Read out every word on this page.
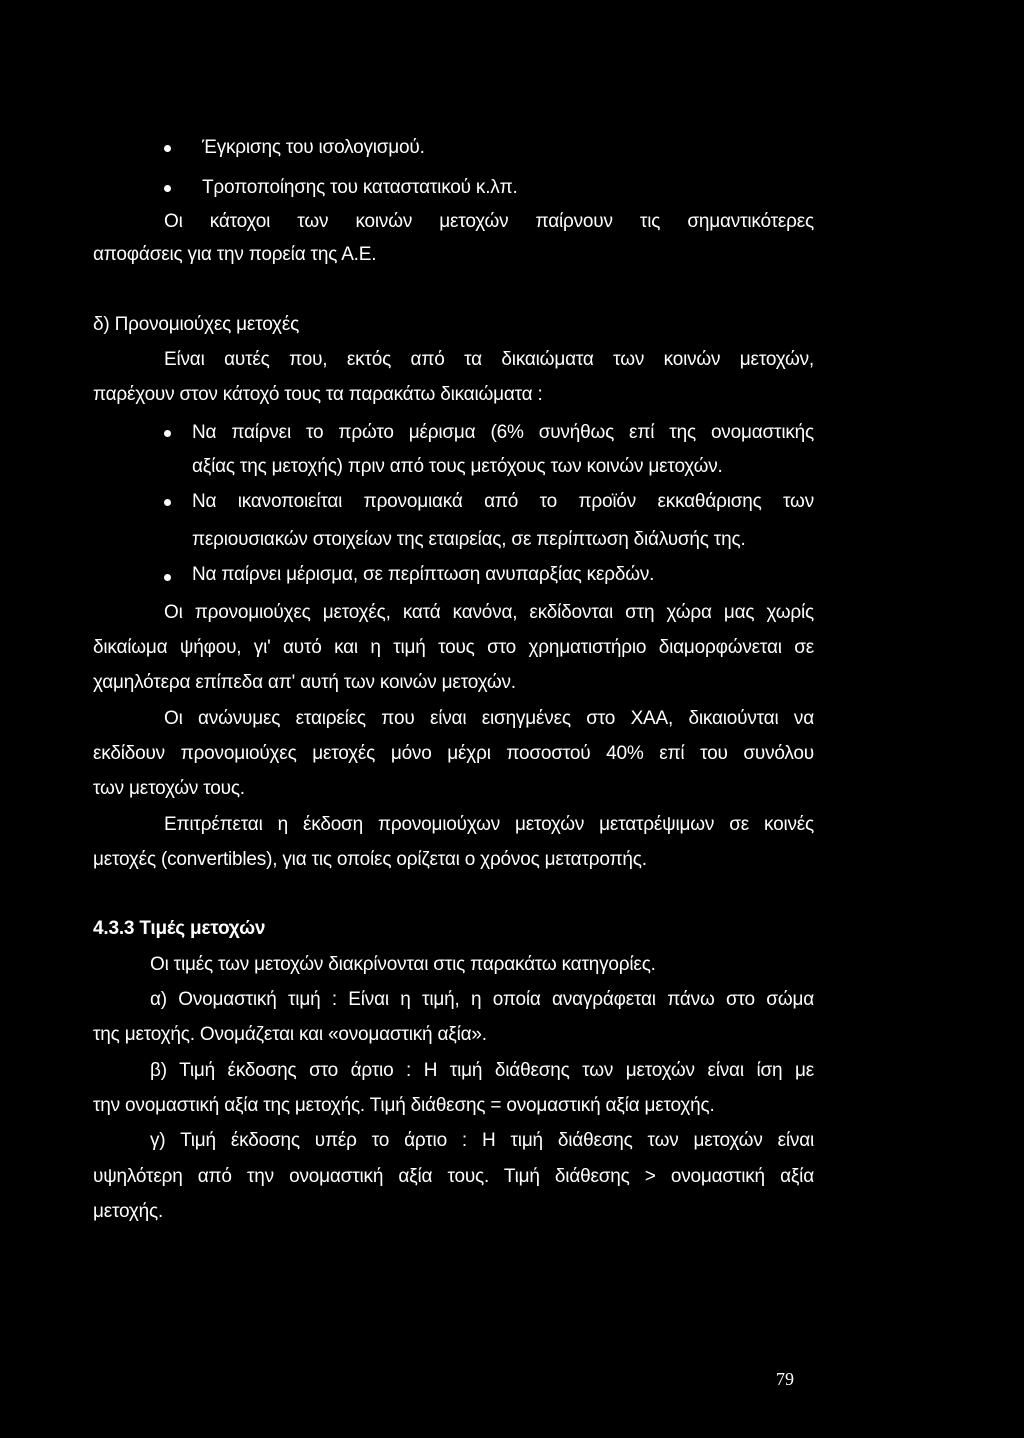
Έγκρισης του ισολογισμού.
Τροποποίησης του καταστατικού κ.λπ.
Οι κάτοχοι των κοινών μετοχών παίρνουν τις σημαντικότερες
αποφάσεις για την πορεία της Α.Ε.
δ) Προνομιούχες μετοχές
Είναι αυτές που, εκτός από τα δικαιώματα των κοινών μετοχών,
παρέχουν στον κάτοχό τους τα παρακάτω δικαιώματα :
Να παίρνει το πρώτο μέρισμα (6% συνήθως επί της ονομαστικής
αξίας της μετοχής) πριν από τους μετόχους των κοινών μετοχών.
Να ικανοποιείται προνομιακά από το προϊόν εκκαθάρισης των
περιουσιακών στοιχείων της εταιρείας, σε περίπτωση διάλυσής της.
Να παίρνει μέρισμα, σε περίπτωση ανυπαρξίας κερδών.
Οι προνομιούχες μετοχές, κατά κανόνα, εκδίδονται στη χώρα μας χωρίς
δικαίωμα ψήφου, γι' αυτό και η τιμή τους στο χρηματιστήριο διαμορφώνεται σε
χαμηλότερα επίπεδα απ' αυτή των κοινών μετοχών.
Οι ανώνυμες εταιρείες που είναι εισηγμένες στο ΧΑΑ, δικαιούνται να
εκδίδουν προνομιούχες μετοχές μόνο μέχρι ποσοστού 40% επί του συνόλου
των μετοχών τους.
Επιτρέπεται η έκδοση προνομιούχων μετοχών μετατρέψιμων σε κοινές
μετοχές (convertibles), για τις οποίες ορίζεται ο χρόνος μετατροπής.
4.3.3 Τιμές μετοχών
Οι τιμές των μετοχών διακρίνονται στις παρακάτω κατηγορίες.
α) Ονομαστική τιμή : Είναι η τιμή, η οποία αναγράφεται πάνω στο σώμα
της μετοχής. Ονομάζεται και «ονομαστική αξία».
β) Τιμή έκδοσης στο άρτιο : Η τιμή διάθεσης των μετοχών είναι ίση με
την ονομαστική αξία της μετοχής. Τιμή διάθεσης = ονομαστική αξία μετοχής.
γ) Τιμή έκδοσης υπέρ το άρτιο : Η τιμή διάθεσης των μετοχών είναι
υψηλότερη από την ονομαστική αξία τους. Τιμή διάθεσης > ονομαστική αξία
μετοχής.
79
